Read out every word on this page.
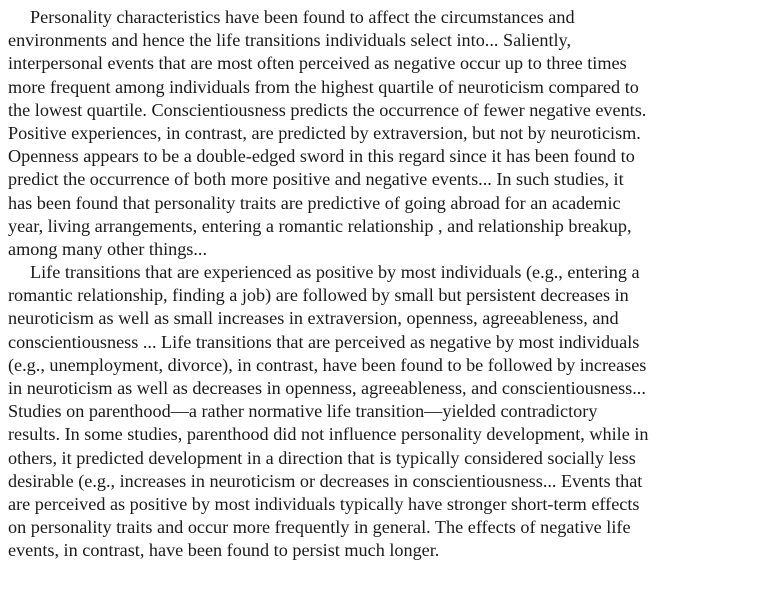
Personality characteristics have been found to affect the circumstances and
environments and hence the life transitions individuals select into... Saliently,
interpersonal events that are most often perceived as negative occur up to three times
more frequent among individuals from the highest quartile of neuroticism compared to
the lowest quartile. Conscientiousness predicts the occurrence of fewer negative events.
Positive experiences, in contrast, are predicted by extraversion, but not by neuroticism.
Openness appears to be a double-edged sword in this regard since it has been found to
predict the occurrence of both more positive and negative events... In such studies, it
has been found that personality traits are predictive of going abroad for an academic
year, living arrangements, entering a romantic relationship , and relationship breakup,
among many other things...
Life transitions that are experienced as positive by most individuals (e.g., entering a
romantic relationship, finding a job) are followed by small but persistent decreases in
neuroticism as well as small increases in extraversion, openness, agreeableness, and
conscientiousness ... Life transitions that are perceived as negative by most individuals
(e.g., unemployment, divorce), in contrast, have been found to be followed by increases
in neuroticism as well as decreases in openness, agreeableness, and conscientiousness...
Studies on parenthood—a rather normative life transition—yielded contradictory
results. In some studies, parenthood did not influence personality development, while in
others, it predicted development in a direction that is typically considered socially less
desirable (e.g., increases in neuroticism or decreases in conscientiousness... Events that
are perceived as positive by most individuals typically have stronger short-term effects
on personality traits and occur more frequently in general. The effects of negative life
events, in contrast, have been found to persist much longer.
